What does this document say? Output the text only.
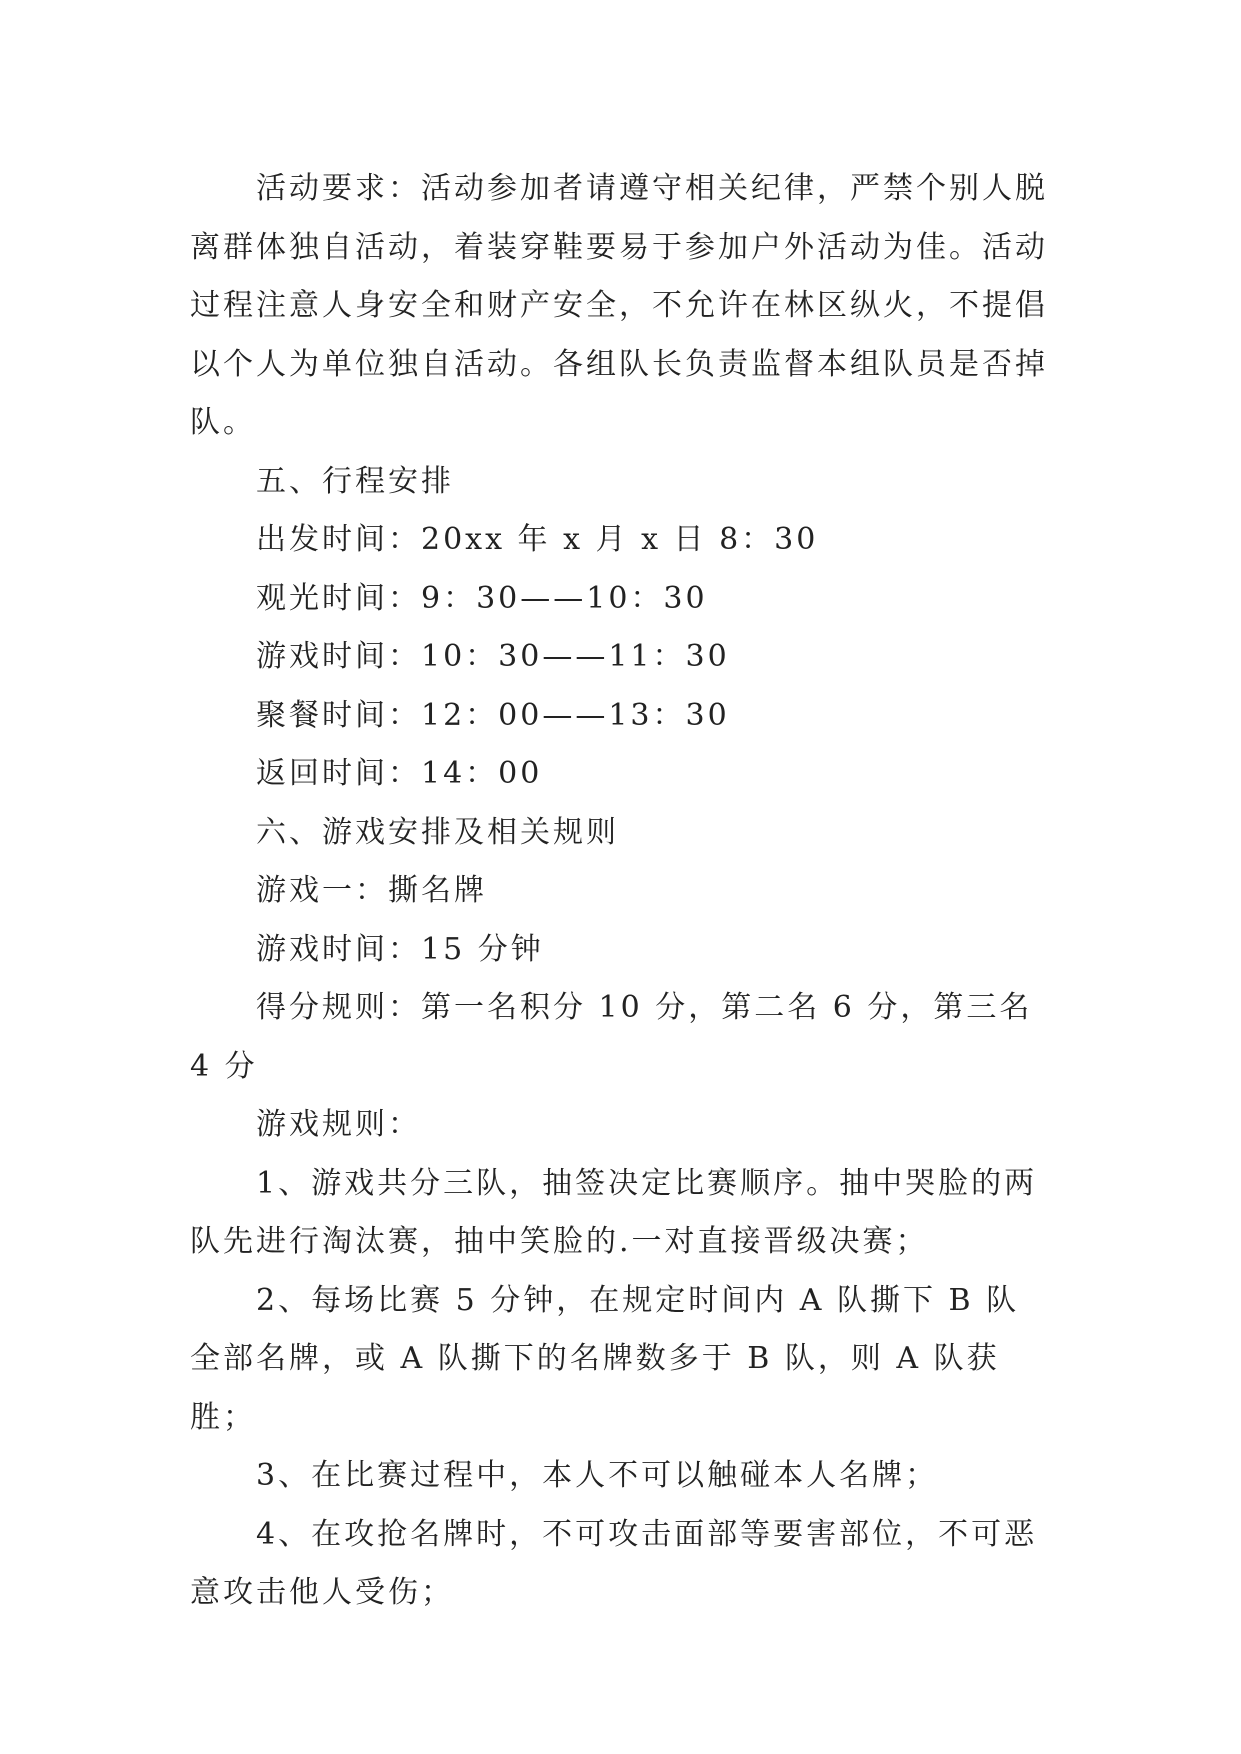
活动要求：活动参加者请遵守相关纪律，严禁个别人脱离群体独自活动，着装穿鞋要易于参加户外活动为佳。活动过程注意人身安全和财产安全，不允许在林区纵火，不提倡以个人为单位独自活动。各组队长负责监督本组队员是否掉队。

五、行程安排

出发时间：20xx 年 x 月 x 日 8：30

观光时间：9：30——10：30

游戏时间：10：30——11：30

聚餐时间：12：00——13：30

返回时间：14：00

六、游戏安排及相关规则

游戏一：撕名牌

游戏时间：15 分钟

得分规则：第一名积分 10 分，第二名 6 分，第三名 4 分

游戏规则：

1、游戏共分三队，抽签决定比赛顺序。抽中哭脸的两队先进行淘汰赛，抽中笑脸的.一对直接晋级决赛；

2、每场比赛 5 分钟，在规定时间内 A 队撕下 B 队全部名牌，或 A 队撕下的名牌数多于 B 队，则 A 队获胜；

3、在比赛过程中，本人不可以触碰本人名牌；

4、在攻抢名牌时，不可攻击面部等要害部位，不可恶意攻击他人受伤；
